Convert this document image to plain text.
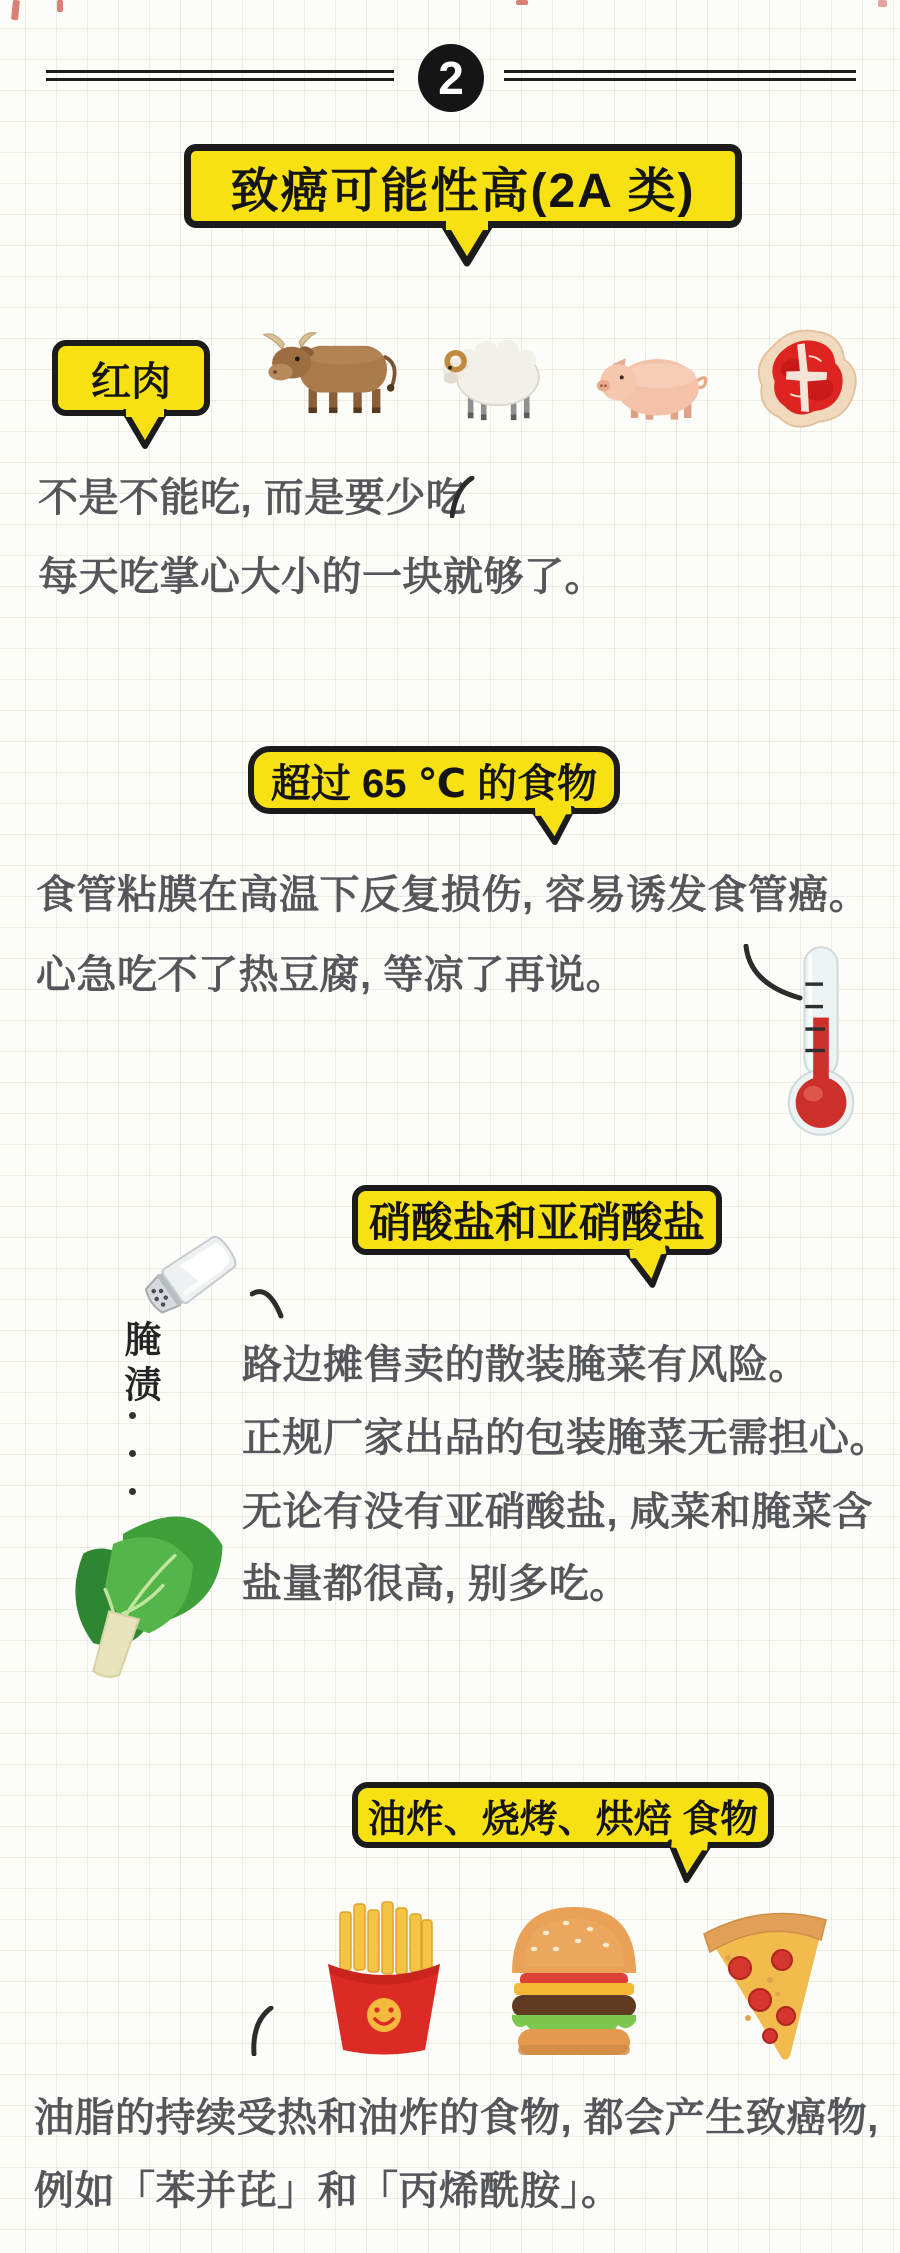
2
致癌可能性高(2A 类)
红肉
不是不能吃, 而是要少吃
每天吃掌心大小的一块就够了。
超过 65 ℃ 的食物
食管粘膜在高温下反复损伤, 容易诱发食管癌。
心急吃不了热豆腐, 等凉了再说。
硝酸盐和亚硝酸盐
腌渍 路边摊售卖的散装腌菜有风险。
正规厂家出品的包装腌菜无需担心。
无论有没有亚硝酸盐, 咸菜和腌菜含
盐量都很高, 别多吃。
油炸、烧烤、烘焙 食物
油脂的持续受热和油炸的食物, 都会产生致癌物,
例如「苯并芘」和「丙烯酰胺」。
